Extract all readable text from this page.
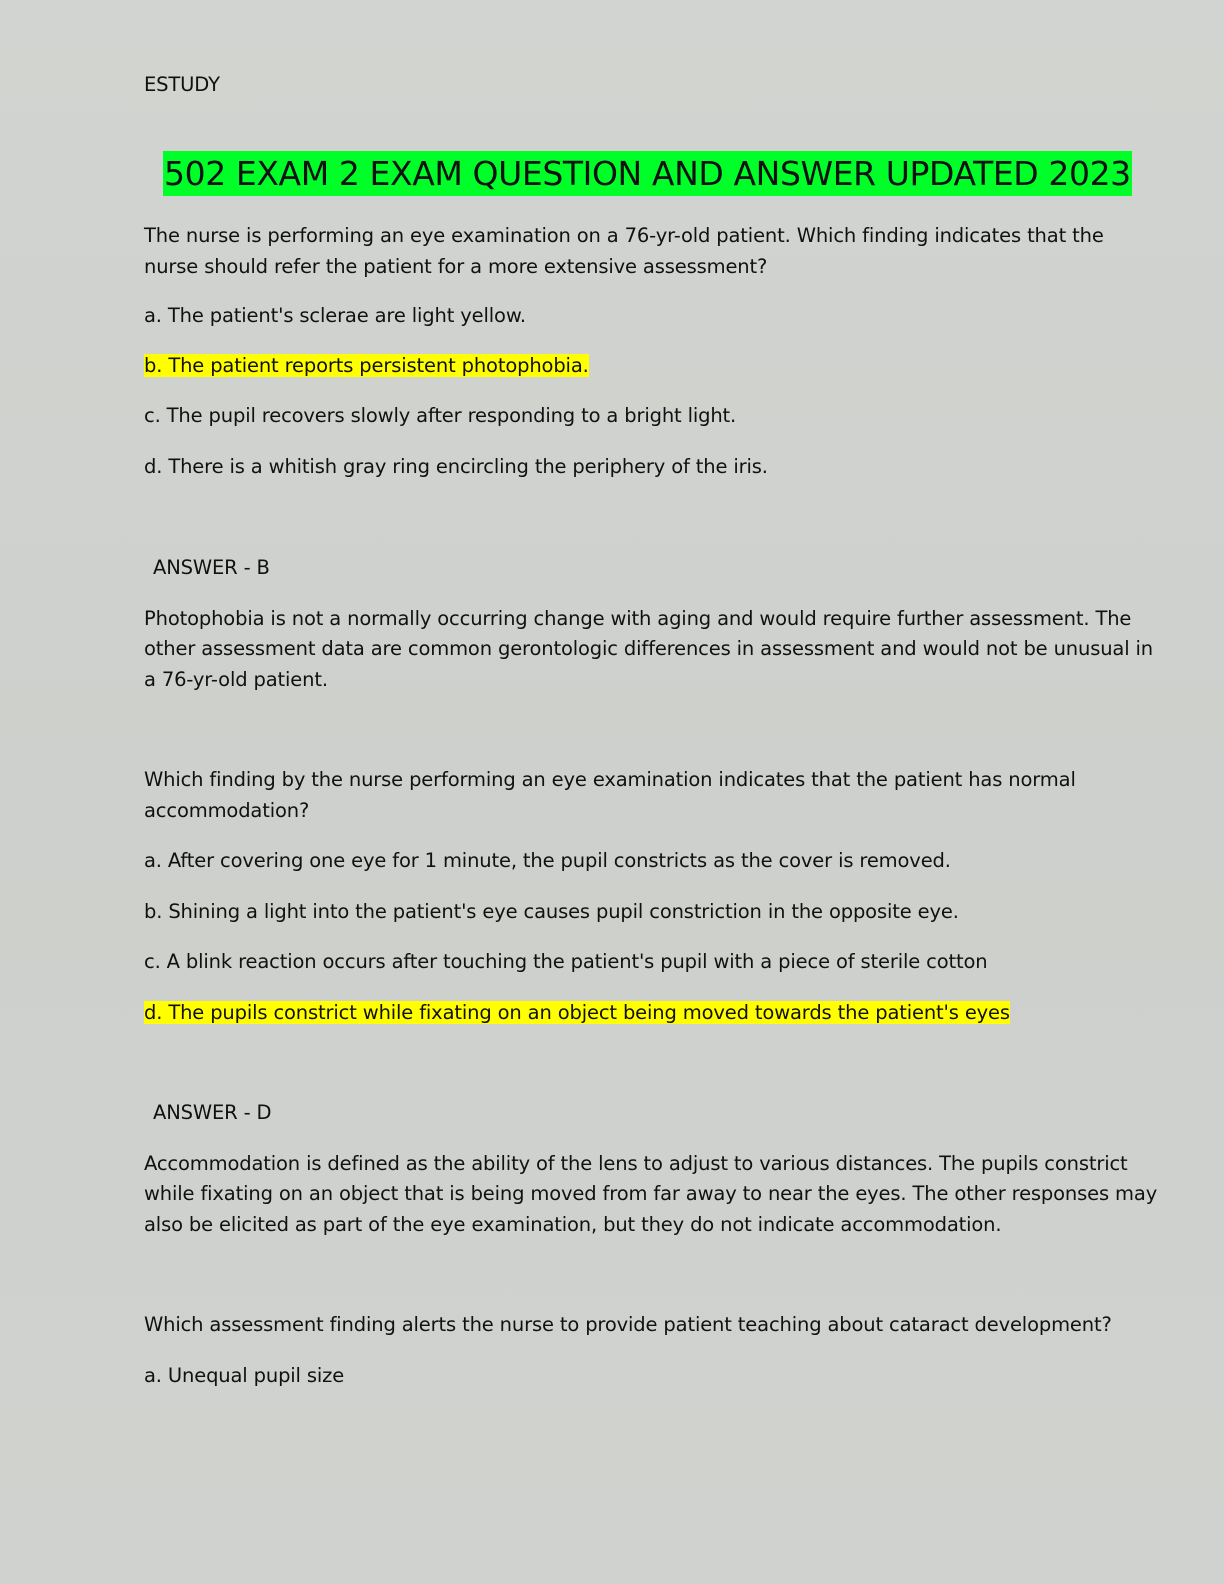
ESTUDY
502 EXAM 2 EXAM QUESTION AND ANSWER UPDATED 2023
The nurse is performing an eye examination on a 76-yr-old patient. Which finding indicates that the
nurse should refer the patient for a more extensive assessment?
a. The patient's sclerae are light yellow.
b. The patient reports persistent photophobia.
c. The pupil recovers slowly after responding to a bright light.
d. There is a whitish gray ring encircling the periphery of the iris.
ANSWER - B
Photophobia is not a normally occurring change with aging and would require further assessment. The
other assessment data are common gerontologic differences in assessment and would not be unusual in
a 76-yr-old patient.
Which finding by the nurse performing an eye examination indicates that the patient has normal
accommodation?
a. After covering one eye for 1 minute, the pupil constricts as the cover is removed.
b. Shining a light into the patient's eye causes pupil constriction in the opposite eye.
c. A blink reaction occurs after touching the patient's pupil with a piece of sterile cotton
d. The pupils constrict while fixating on an object being moved towards the patient's eyes
ANSWER - D
Accommodation is defined as the ability of the lens to adjust to various distances. The pupils constrict
while fixating on an object that is being moved from far away to near the eyes. The other responses may
also be elicited as part of the eye examination, but they do not indicate accommodation.
Which assessment finding alerts the nurse to provide patient teaching about cataract development?
a. Unequal pupil size
